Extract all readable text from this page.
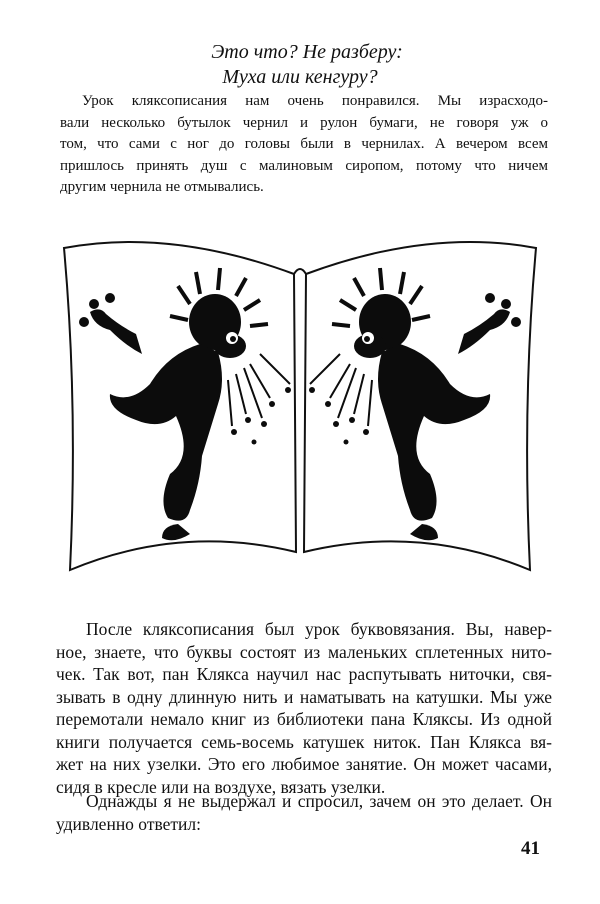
Это что? Не разберу:
Муха или кенгуру?
Урок кляксописания нам очень понравился. Мы израсходо-
вали несколько бутылок чернил и рулон бумаги, не говоря уж о
том, что сами с ног до головы были в чернилах. А вечером всем
пришлось принять душ с малиновым сиропом, потому что ничем
другим чернила не отмывались.
После кляксописания был урок буквовязания. Вы, навер-
ное, знаете, что буквы состоят из маленьких сплетенных нито-
чек. Так вот, пан Клякса научил нас распутывать ниточки, свя-
зывать в одну длинную нить и наматывать на катушки. Мы уже
перемотали немало книг из библиотеки пана Кляксы. Из одной
книги получается семь-восемь катушек ниток. Пан Клякса вя-
жет на них узелки. Это его любимое занятие. Он может часами,
сидя в кресле или на воздухе, вязать узелки.
Однажды я не выдержал и спросил, зачем он это делает. Он
удивленно ответил:
41
